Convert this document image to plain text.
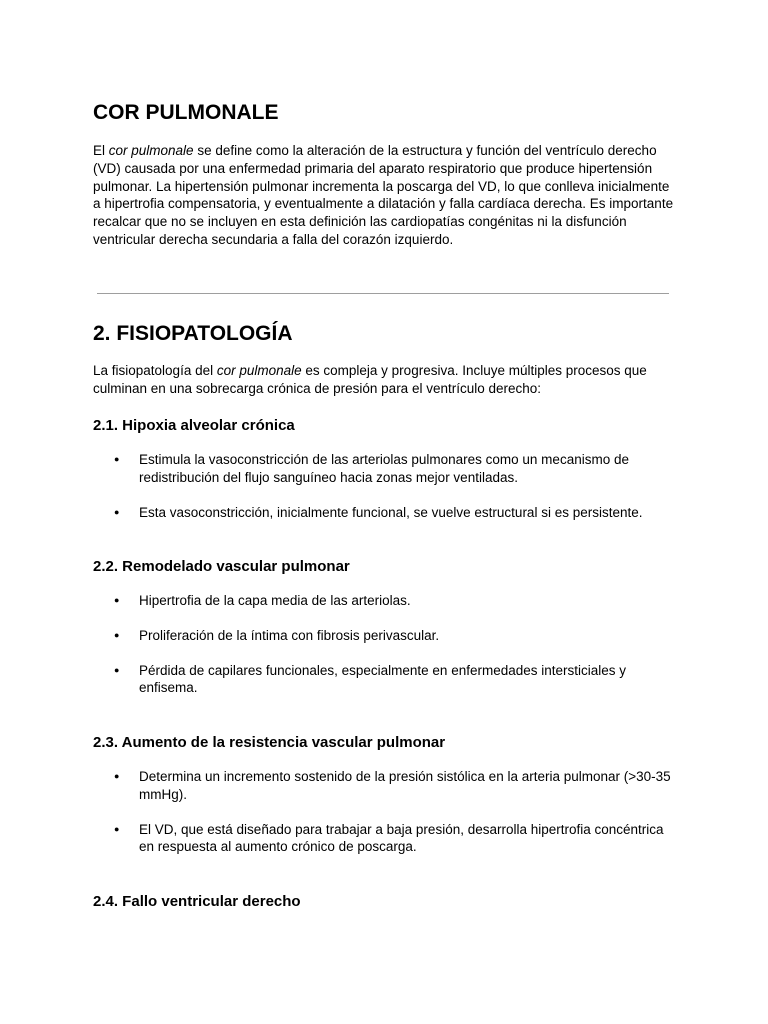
COR PULMONALE

El cor pulmonale se define como la alteración de la estructura y función del ventrículo derecho (VD) causada por una enfermedad primaria del aparato respiratorio que produce hipertensión pulmonar. La hipertensión pulmonar incrementa la poscarga del VD, lo que conlleva inicialmente a hipertrofia compensatoria, y eventualmente a dilatación y falla cardíaca derecha. Es importante recalcar que no se incluyen en esta definición las cardiopatías congénitas ni la disfunción ventricular derecha secundaria a falla del corazón izquierdo.

2. FISIOPATOLOGÍA

La fisiopatología del cor pulmonale es compleja y progresiva. Incluye múltiples procesos que culminan en una sobrecarga crónica de presión para el ventrículo derecho:

2.1. Hipoxia alveolar crónica
● Estimula la vasoconstricción de las arteriolas pulmonares como un mecanismo de redistribución del flujo sanguíneo hacia zonas mejor ventiladas.
● Esta vasoconstricción, inicialmente funcional, se vuelve estructural si es persistente.
2.2. Remodelado vascular pulmonar
● Hipertrofia de la capa media de las arteriolas.
● Proliferación de la íntima con fibrosis perivascular.
● Pérdida de capilares funcionales, especialmente en enfermedades intersticiales y enfisema.
2.3. Aumento de la resistencia vascular pulmonar
● Determina un incremento sostenido de la presión sistólica en la arteria pulmonar (>30-35 mmHg).
● El VD, que está diseñado para trabajar a baja presión, desarrolla hipertrofia concéntrica en respuesta al aumento crónico de poscarga.
2.4. Fallo ventricular derecho
